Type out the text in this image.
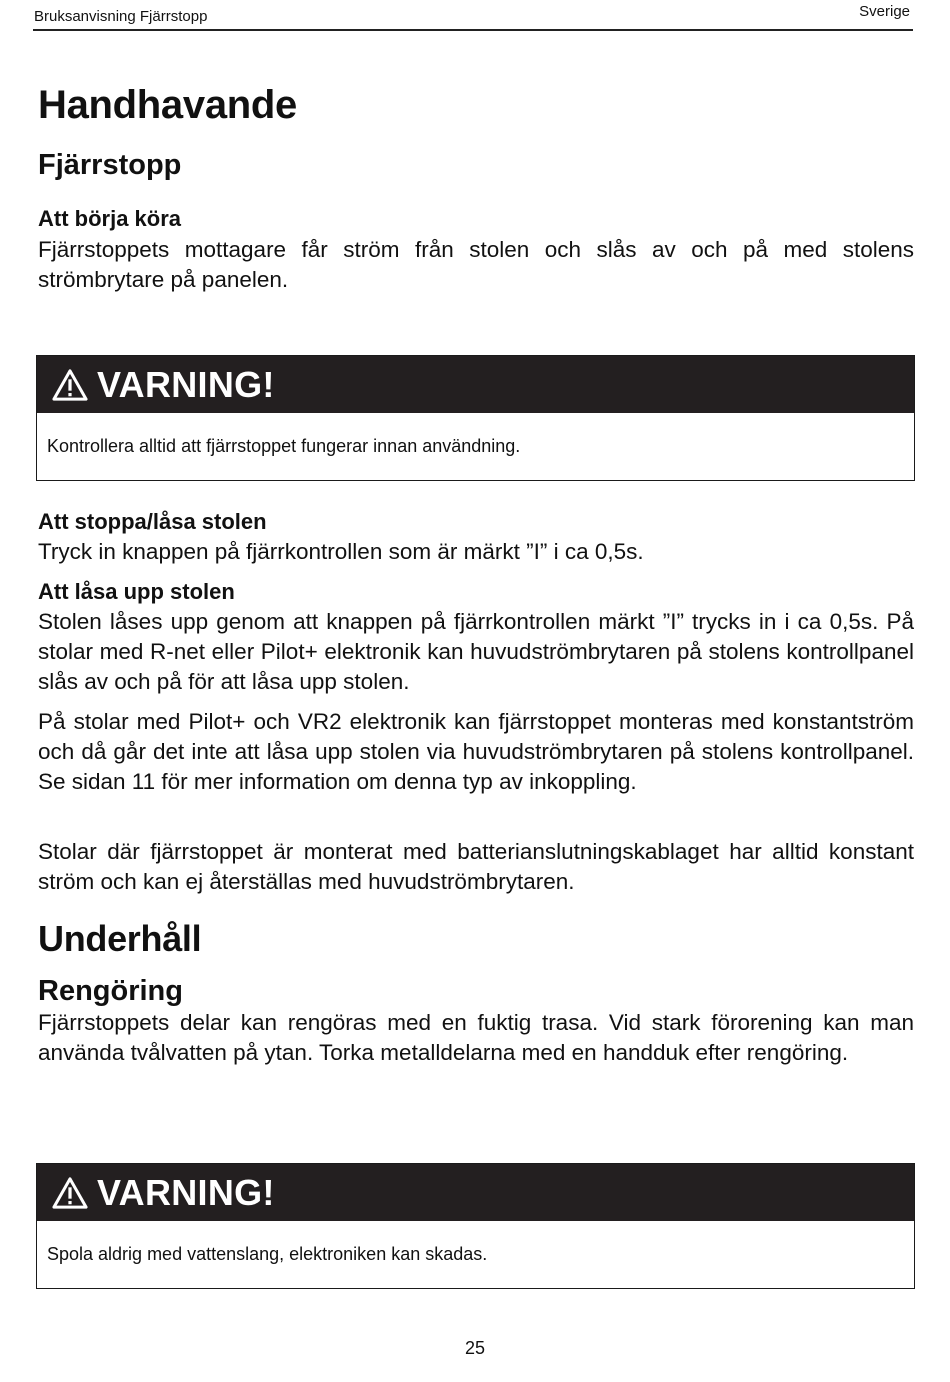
Bruksanvisning Fjärrstopp	Sverige
Handhavande
Fjärrstopp
Att börja köra

Fjärrstoppets mottagare får ström från stolen och slås av och på med stolens strömbrytare på panelen.

VARNING!
Kontrollera alltid att fjärrstoppet fungerar innan användning.
Att stoppa/låsa stolen

Tryck in knappen på fjärrkontrollen som är märkt ”I” i ca 0,5s.

Att låsa upp stolen

Stolen låses upp genom att knappen på fjärrkontrollen märkt ”I” trycks in i ca 0,5s. På stolar med R-net eller Pilot+ elektronik kan huvudströmbrytaren på stolens kontrollpanel slås av och på för att låsa upp stolen.

På stolar med Pilot+ och VR2 elektronik kan fjärrstoppet monteras med konstantström och då går det inte att låsa upp stolen via huvudströmbrytaren på stolens kontrollpanel. Se sidan 11 för mer information om denna typ av inkoppling.

Stolar där fjärrstoppet är monterat med batterianslutningskablaget har alltid konstant ström och kan ej återställas med huvudströmbrytaren.

Underhåll
Rengöring

Fjärrstoppets delar kan rengöras med en fuktig trasa. Vid stark förorening kan man använda tvålvatten på ytan. Torka metalldelarna med en handduk efter rengöring.

VARNING!
Spola aldrig med vattenslang, elektroniken kan skadas.
25
